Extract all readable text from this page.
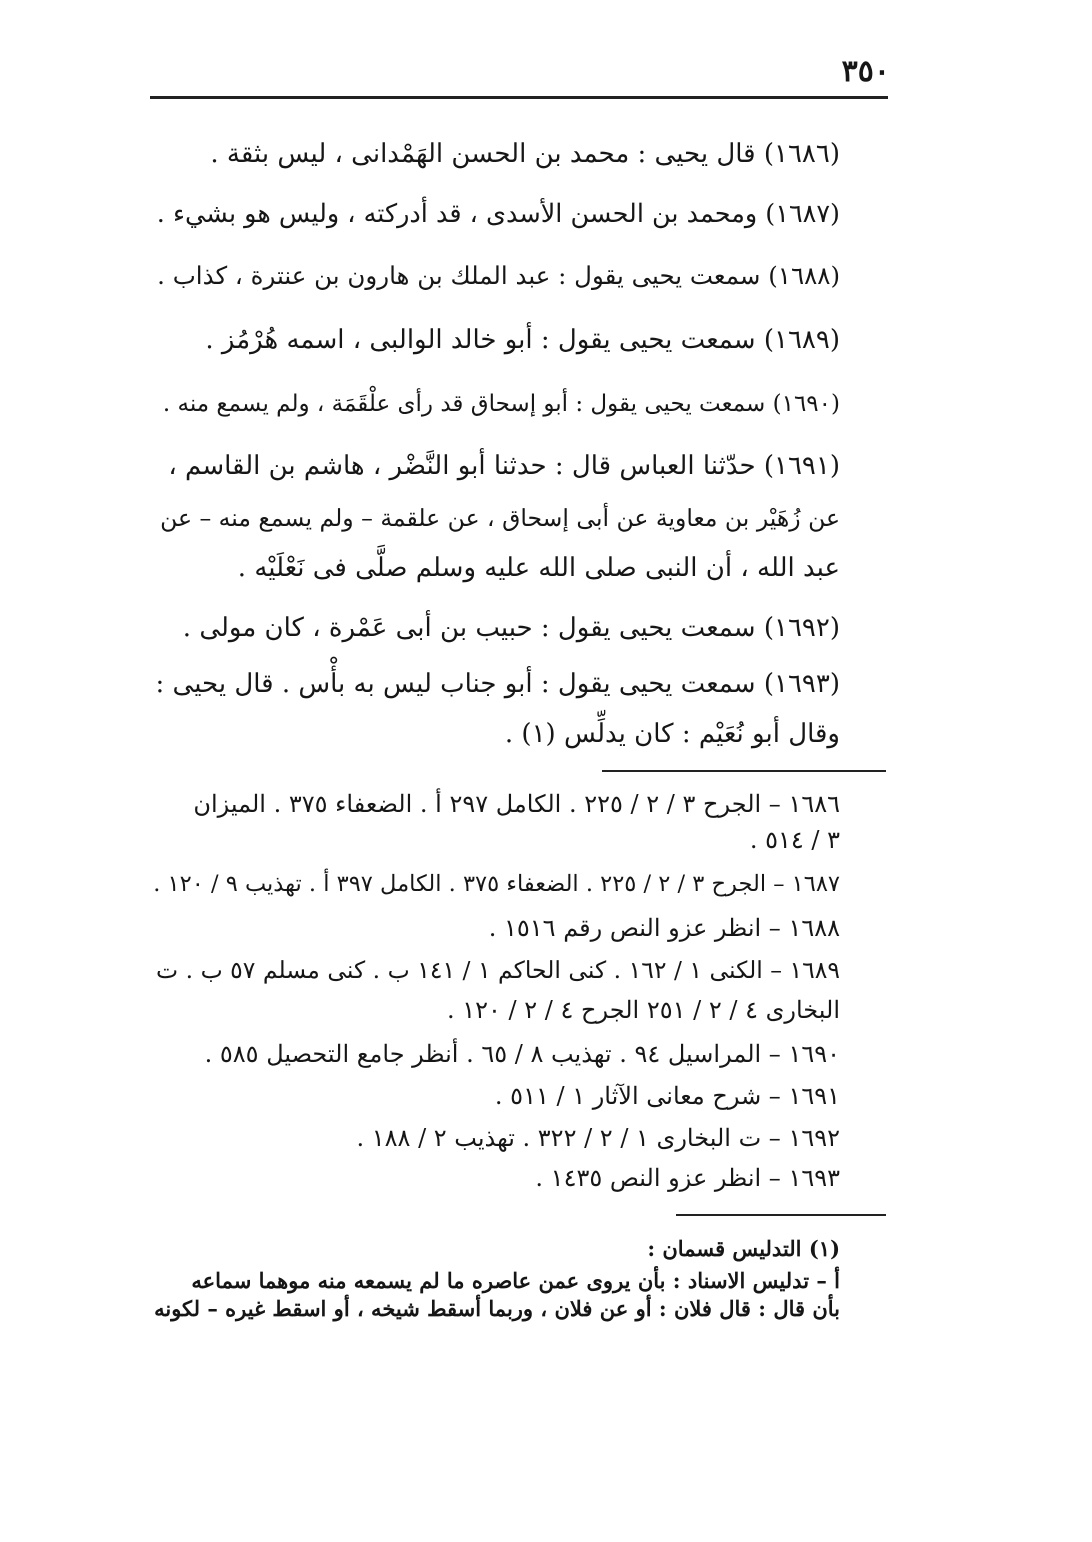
٣٥٠
(١٦٨٦) قال يحيى : محمد بن الحسن الهَمْدانى ، ليس بثقة .
(١٦٨٧) ومحمد بن الحسن الأسدى ، قد أدركته ، وليس هو بشيء .
(١٦٨٨) سمعت يحيى يقول : عبد الملك بن هارون بن عنترة ، كذاب .
(١٦٨٩) سمعت يحيى يقول : أبو خالد الوالبى ، اسمه هُرْمُز .
(١٦٩٠) سمعت يحيى يقول : أبو إسحاق قد رأى علْقَمَة ، ولم يسمع منه .
(١٦٩١) حدّثنا العباس قال : حدثنا أبو النَّضْر ، هاشم بن القاسم ،
عن زُهَيْر بن معاوية عن أبى إسحاق ، عن علقمة – ولم يسمع منه – عن
عبد الله ، أن النبى صلى الله عليه وسلم صلَّى فى نَعْلَيْه .
(١٦٩٢) سمعت يحيى يقول : حبيب بن أبى عَمْرة ، كان مولى .
(١٦٩٣) سمعت يحيى يقول : أبو جناب ليس به بأْس . قال يحيى :
وقال أبو نُعَيْم : كان يدلِّس (١) .
١٦٨٦ – الجرح ٣ / ٢ / ٢٢٥ . الكامل ٢٩٧ أ . الضعفاء ٣٧٥ . الميزان
٣ / ٥١٤ .
١٦٨٧ – الجرح ٣ / ٢ / ٢٢٥ . الضعفاء ٣٧٥ . الكامل ٣٩٧ أ . تهذيب ٩ / ١٢٠ .
١٦٨٨ – انظر عزو النص رقم ١٥١٦ .
١٦٨٩ – الكنى ١ / ١٦٢ . كنى الحاكم ١ / ١٤١ ب . كنى مسلم ٥٧ ب . ت
البخارى ٤ / ٢ / ٢٥١ الجرح ٤ / ٢ / ١٢٠ .
١٦٩٠ – المراسيل ٩٤ . تهذيب ٨ / ٦٥ . أنظر جامع التحصيل ٥٨٥ .
١٦٩١ – شرح معانى الآثار ١ / ٥١١ .
١٦٩٢ – ت البخارى ١ / ٢ / ٣٢٢ . تهذيب ٢ / ١٨٨ .
١٦٩٣ – انظر عزو النص ١٤٣٥ .
(١) التدليس قسمان :
أ – تدليس الاسناد : بأن يروى عمن عاصره ما لم يسمعه منه موهما سماعه
بأن قال : قال فلان : أو عن فلان ، وربما أسقط شيخه ، أو اسقط غيره – لكونه
